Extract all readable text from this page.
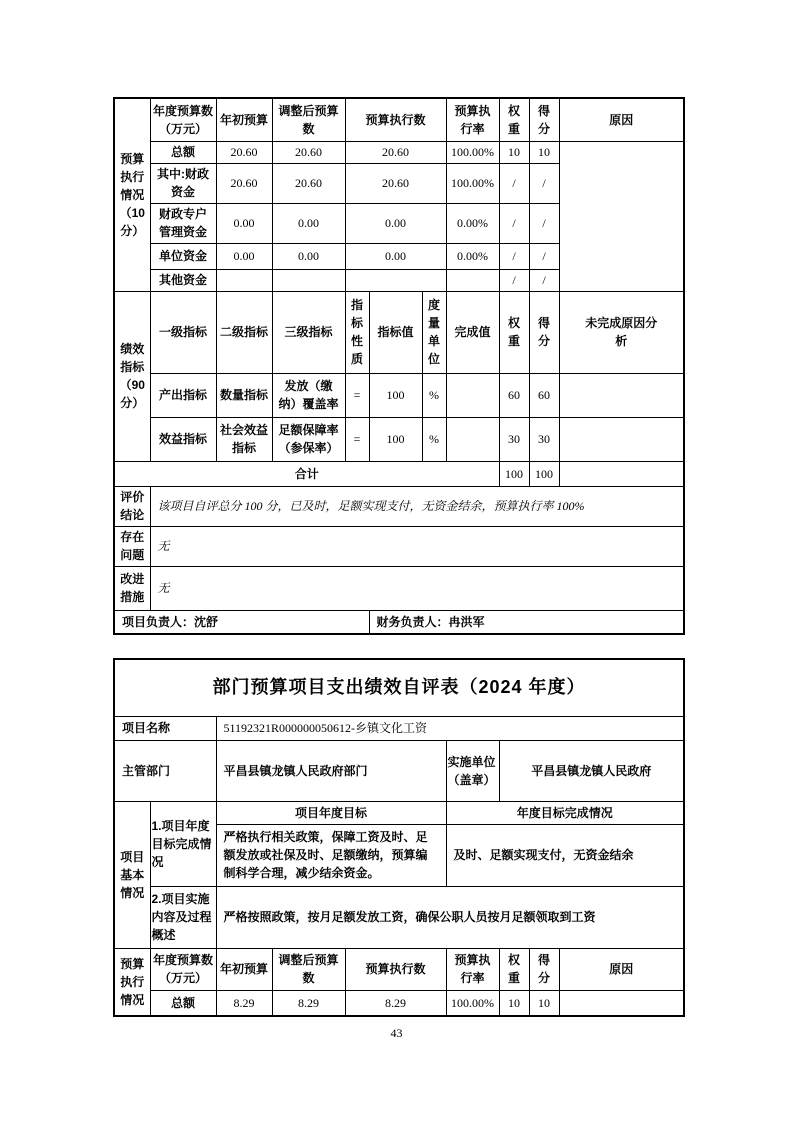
预算执行情况（10分）	年度预算数（万元）	年初预算	调整后预算数	预算执行数			预算执行率	权重	得分	原因
	总额	20.60	20.60	20.60			100.00%	10	10	
	其中:财政资金	20.60	20.60	20.60			100.00%	/	/	
	财政专户管理资金	0.00	0.00	0.00			0.00%	/	/	
	单位资金	0.00	0.00	0.00			0.00%	/	/	
	其他资金							/	/	
绩效指标（90分）	一级指标	二级指标	三级指标	指标性质	指标值	度量单位	完成值	权重	得分	未完成原因分析
	产出指标	数量指标	发放（缴纳）覆盖率	=	100	%		60	60	
	效益指标	社会效益指标	足额保障率（参保率）	=	100	%		30	30	
合计								100	100	
评价结论	该项目自评总分 100 分，已及时，足额实现支付，无资金结余，预算执行率 100%									
存在问题	无									
改进措施	无									
项目负责人：沈舒					财务负责人：冉洪军					
部门预算项目支出绩效自评表（2024 年度）								
项目名称		51192321R000000050612-乡镇文化工资						
主管部门		平昌县镇龙镇人民政府部门			实施单位（盖章）	平昌县镇龙镇人民政府		
项目基本情况	1.项目年度目标完成情况	项目年度目标			年度目标完成情况			
		严格执行相关政策，保障工资及时、足额发放或社保及时、足额缴纳，预算编制科学合理，减少结余资金。			及时、足额实现支付，无资金结余			
	2.项目实施内容及过程概述	严格按照政策，按月足额发放工资，确保公职人员按月足额领取到工资						
预算执行情况	年度预算数（万元）	年初预算	调整后预算数	预算执行数	预算执行率	权重	得分	原因
	总额	8.29	8.29	8.29	100.00%	10	10	
43
